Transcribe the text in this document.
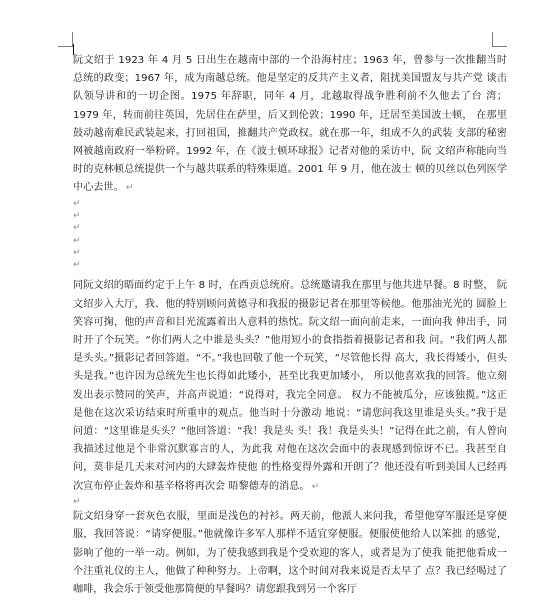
阮文绍于 1923 年 4 月 5 日出生在越南中部的一个沿海村庄；1963 年，曾参与一次推翻当时 总统的政变；1967 年，成为南越总统。他是坚定的反共产主义者，阻扰美国盟友与共产党 谈击队领导讲和的一切企图。1975 年辞职，同年 4 月，北越取得战争胜利前不久他去了台 湾；1979 年，转而前往英国，先居住在萨里，后又到伦敦；1990 年，迁居至美国波士顿， 在那里鼓动越南难民武装起来，打回祖国，推翻共产党政权。就在那一年，组成不久的武装 支部的秘密网被越南政府一举粉碎。1992 年，在《波士顿环球报》记者对他的采访中，阮 文绍声称能向当时的克林顿总统提供一个与越共联系的特殊渠道。2001 年 9 月，他在波士 顿的贝丝以色列医学中心去世。 ↵

↵
↵
↵
↵
↵
↵

同阮文绍的晤面约定于上午 8 时，在西贡总统府。总统邀请我在那里与他共进早餐。8 时整， 阮文绍步入大厅，我、他的特别顾问黄德寻和我报的摄影记者在那里等候他。他那油光光的 圆脸上笑容可掬，他的声音和目光流露着出人意料的热忱。阮文绍一面向前走来，一面向我 伸出手，同时开了个玩笑。“你们两人之中谁是头头？”他用短小的食指指着摄影记者和我 问。“我们两人都是头头。”摄影记者回答道。“不。”我也回敬了他一个玩笑，“尽管他长得 高大，我长得矮小，但头头是我。”也许因为总统先生也长得如此矮小，甚至比我更加矮小， 所以他喜欢我的回答。他立刻发出表示赞同的笑声，并高声说道：“说得对，我完全同意。 权力不能被瓜分，应该独揽。”这正是他在这次采访结束时所重申的观点。他当时十分激动 地说：“请您问我这里谁是头头。”我于是问道：“这里谁是头头？”他回答道：“我！我是头 头！我！我是头头！”记得在此之前，有人曾向我描述过他是个非常沉默寡言的人，为此我 对他在这次会面中的表现感到惊讶不已。我甚至自问，莫非是几天来对河内的大肆轰炸使他 的性格变得外露和开朗了？他还没有听到美国人已经再次宣布停止轰炸和基辛格将再次会 晤黎德寿的消息。 ↵

↵

阮文绍身穿一套灰色衣服，里面是浅色的衬衫。两天前，他派人来问我，希望他穿军服还是穿便服，我回答说：“请穿便服。”他就像许多军人那样不适宜穿便服。便服使他给人以笨拙 的感觉，影响了他的一举一动。例如，为了使我感到我是个受欢迎的客人，或者是为了使我 能把他看成一个注重礼仪的主人，他做了种种努力。上帝啊，这个时间对我来说是否太早了 点？我已经喝过了咖啡，我会乐于领受他那简便的早餐吗？请您跟我到另一个客厅
